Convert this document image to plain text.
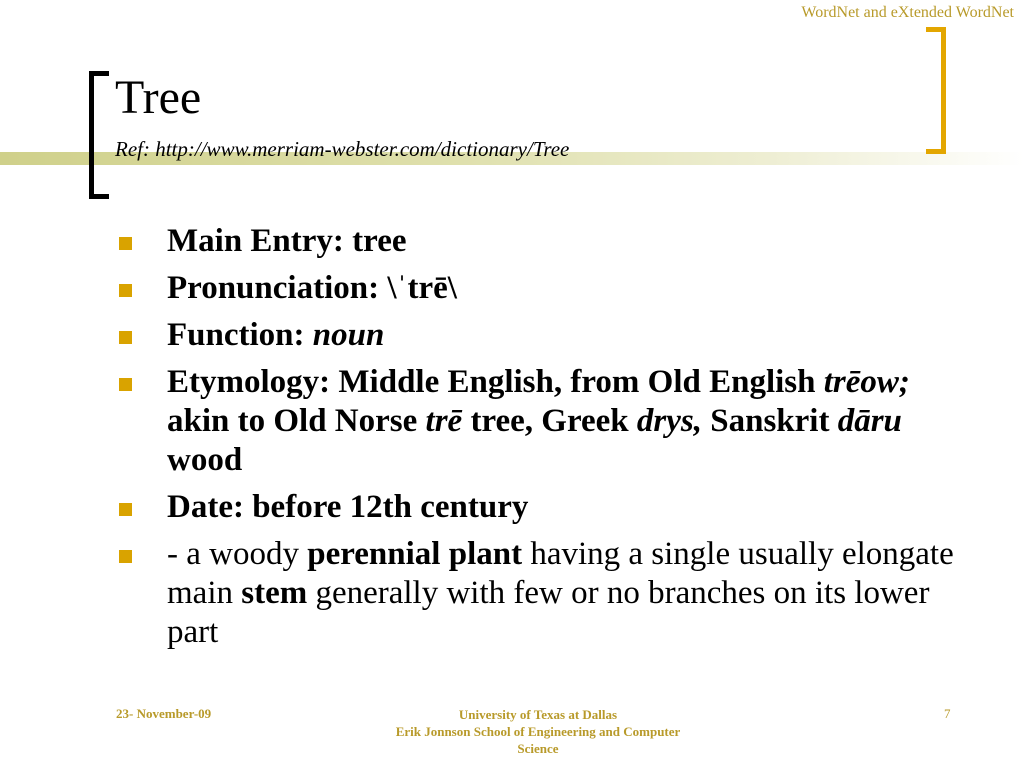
WordNet and eXtended WordNet
Tree
Ref: http://www.merriam-webster.com/dictionary/Tree
Main Entry: tree
Pronunciation: \ˈtrē\
Function: noun
Etymology: Middle English, from Old English trēow; akin to Old Norse trē tree, Greek drys, Sanskrit dāru wood
Date: before 12th century
- a woody perennial plant having a single usually elongate main stem generally with few or no branches on its lower part
23- November-09	University of Texas at Dallas
Erik Jonnson School of Engineering and Computer Science
7
